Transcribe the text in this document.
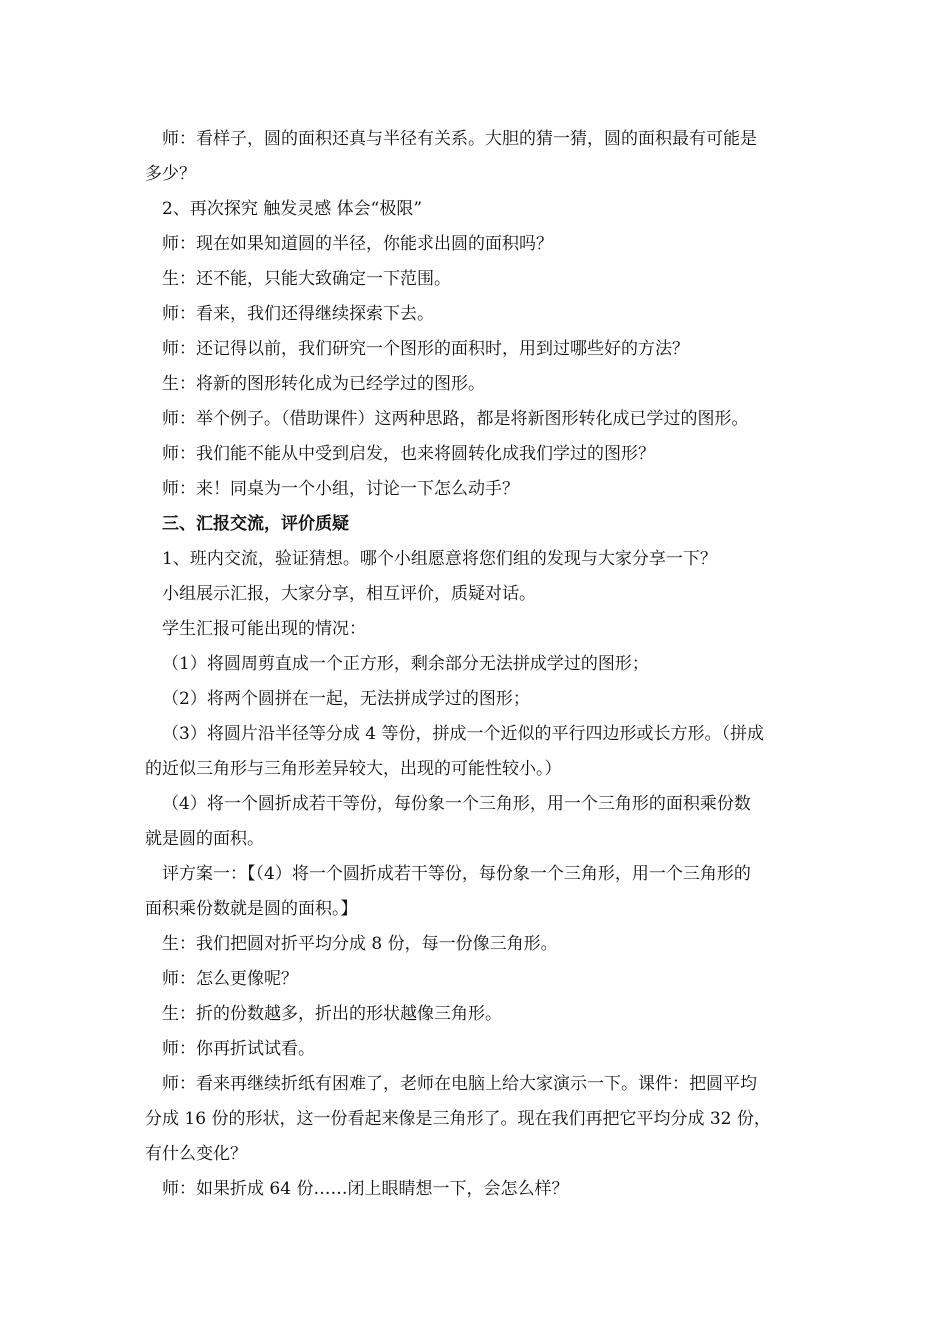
师：看样子，圆的面积还真与半径有关系。大胆的猜一猜，圆的面积最有可能是
多少？
2、再次探究 触发灵感 体会“极限”
师：现在如果知道圆的半径，你能求出圆的面积吗？
生：还不能，只能大致确定一下范围。
师：看来，我们还得继续探索下去。
师：还记得以前，我们研究一个图形的面积时，用到过哪些好的方法？
生：将新的图形转化成为已经学过的图形。
师：举个例子。（借助课件）这两种思路，都是将新图形转化成已学过的图形。
师：我们能不能从中受到启发，也来将圆转化成我们学过的图形？
师：来！同桌为一个小组，讨论一下怎么动手？
三、汇报交流，评价质疑
1、班内交流，验证猜想。哪个小组愿意将您们组的发现与大家分享一下？
小组展示汇报，大家分享，相互评价，质疑对话。
学生汇报可能出现的情况：
（1）将圆周剪直成一个正方形，剩余部分无法拼成学过的图形；
（2）将两个圆拼在一起，无法拼成学过的图形；
（3）将圆片沿半径等分成 4 等份，拼成一个近似的平行四边形或长方形。（拼成
的近似三角形与三角形差异较大，出现的可能性较小。）
（4）将一个圆折成若干等份，每份象一个三角形，用一个三角形的面积乘份数
就是圆的面积。
评方案一：【（4）将一个圆折成若干等份，每份象一个三角形，用一个三角形的
面积乘份数就是圆的面积。】
生：我们把圆对折平均分成 8 份，每一份像三角形。
师：怎么更像呢？
生：折的份数越多，折出的形状越像三角形。
师：你再折试试看。
师：看来再继续折纸有困难了，老师在电脑上给大家演示一下。课件：把圆平均
分成 16 份的形状，这一份看起来像是三角形了。现在我们再把它平均分成 32 份，
有什么变化？
师：如果折成 64 份……闭上眼睛想一下，会怎么样？
